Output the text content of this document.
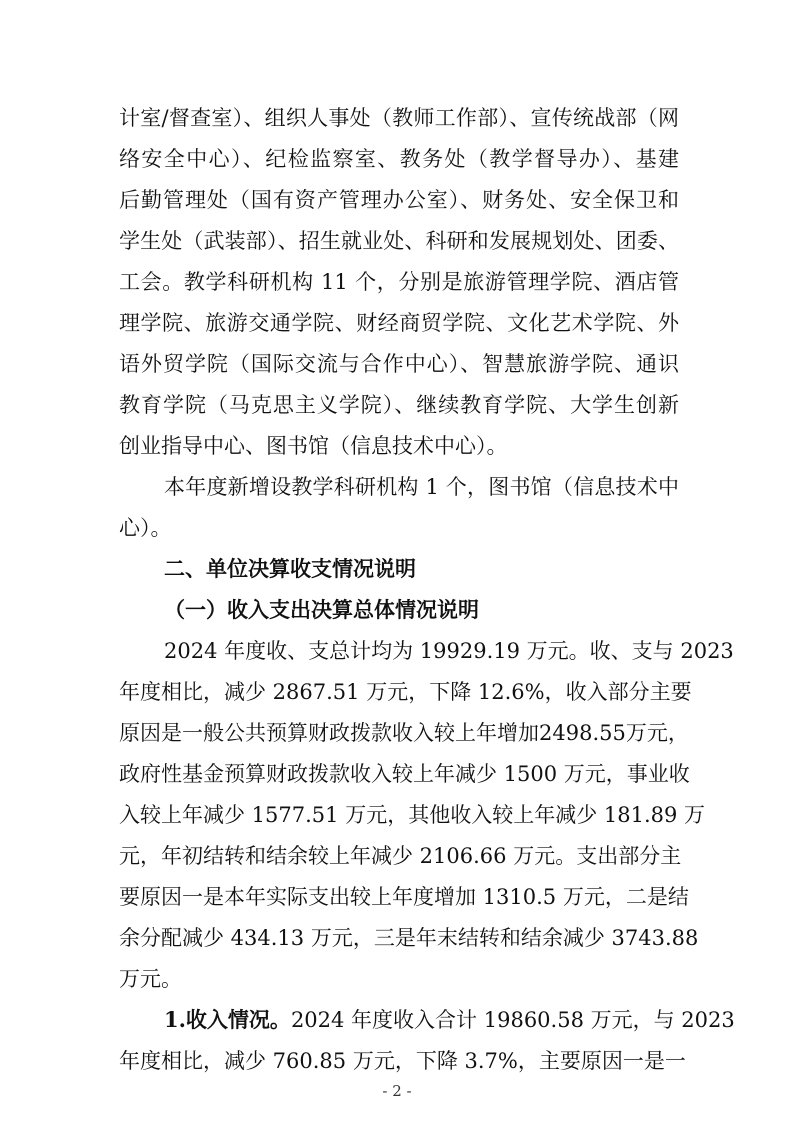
计室/督查室）、组织人事处（教师工作部）、宣传统战部（网
络安全中心）、纪检监察室、教务处（教学督导办）、基建
后勤管理处（国有资产管理办公室）、财务处、安全保卫和
学生处（武装部）、招生就业处、科研和发展规划处、团委、
工会。教学科研机构 11 个，分别是旅游管理学院、酒店管
理学院、旅游交通学院、财经商贸学院、文化艺术学院、外
语外贸学院（国际交流与合作中心）、智慧旅游学院、通识
教育学院（马克思主义学院）、继续教育学院、大学生创新
创业指导中心、图书馆（信息技术中心）。
本年度新增设教学科研机构 1 个，图书馆（信息技术中
心）。
二、单位决算收支情况说明
（一）收入支出决算总体情况说明
2024 年度收、支总计均为 19929.19 万元。收、支与 2023
年度相比，减少 2867.51 万元，下降 12.6%，收入部分主要
原因是一般公共预算财政拨款收入较上年增加2498.55万元，
政府性基金预算财政拨款收入较上年减少 1500 万元，事业收
入较上年减少 1577.51 万元，其他收入较上年减少 181.89 万
元，年初结转和结余较上年减少 2106.66 万元。支出部分主
要原因一是本年实际支出较上年度增加 1310.5 万元，二是结
余分配减少 434.13 万元，三是年末结转和结余减少 3743.88
万元。
1.收入情况。2024 年度收入合计 19860.58 万元，与 2023
年度相比，减少 760.85 万元，下降 3.7%，主要原因一是一
- 2 -
